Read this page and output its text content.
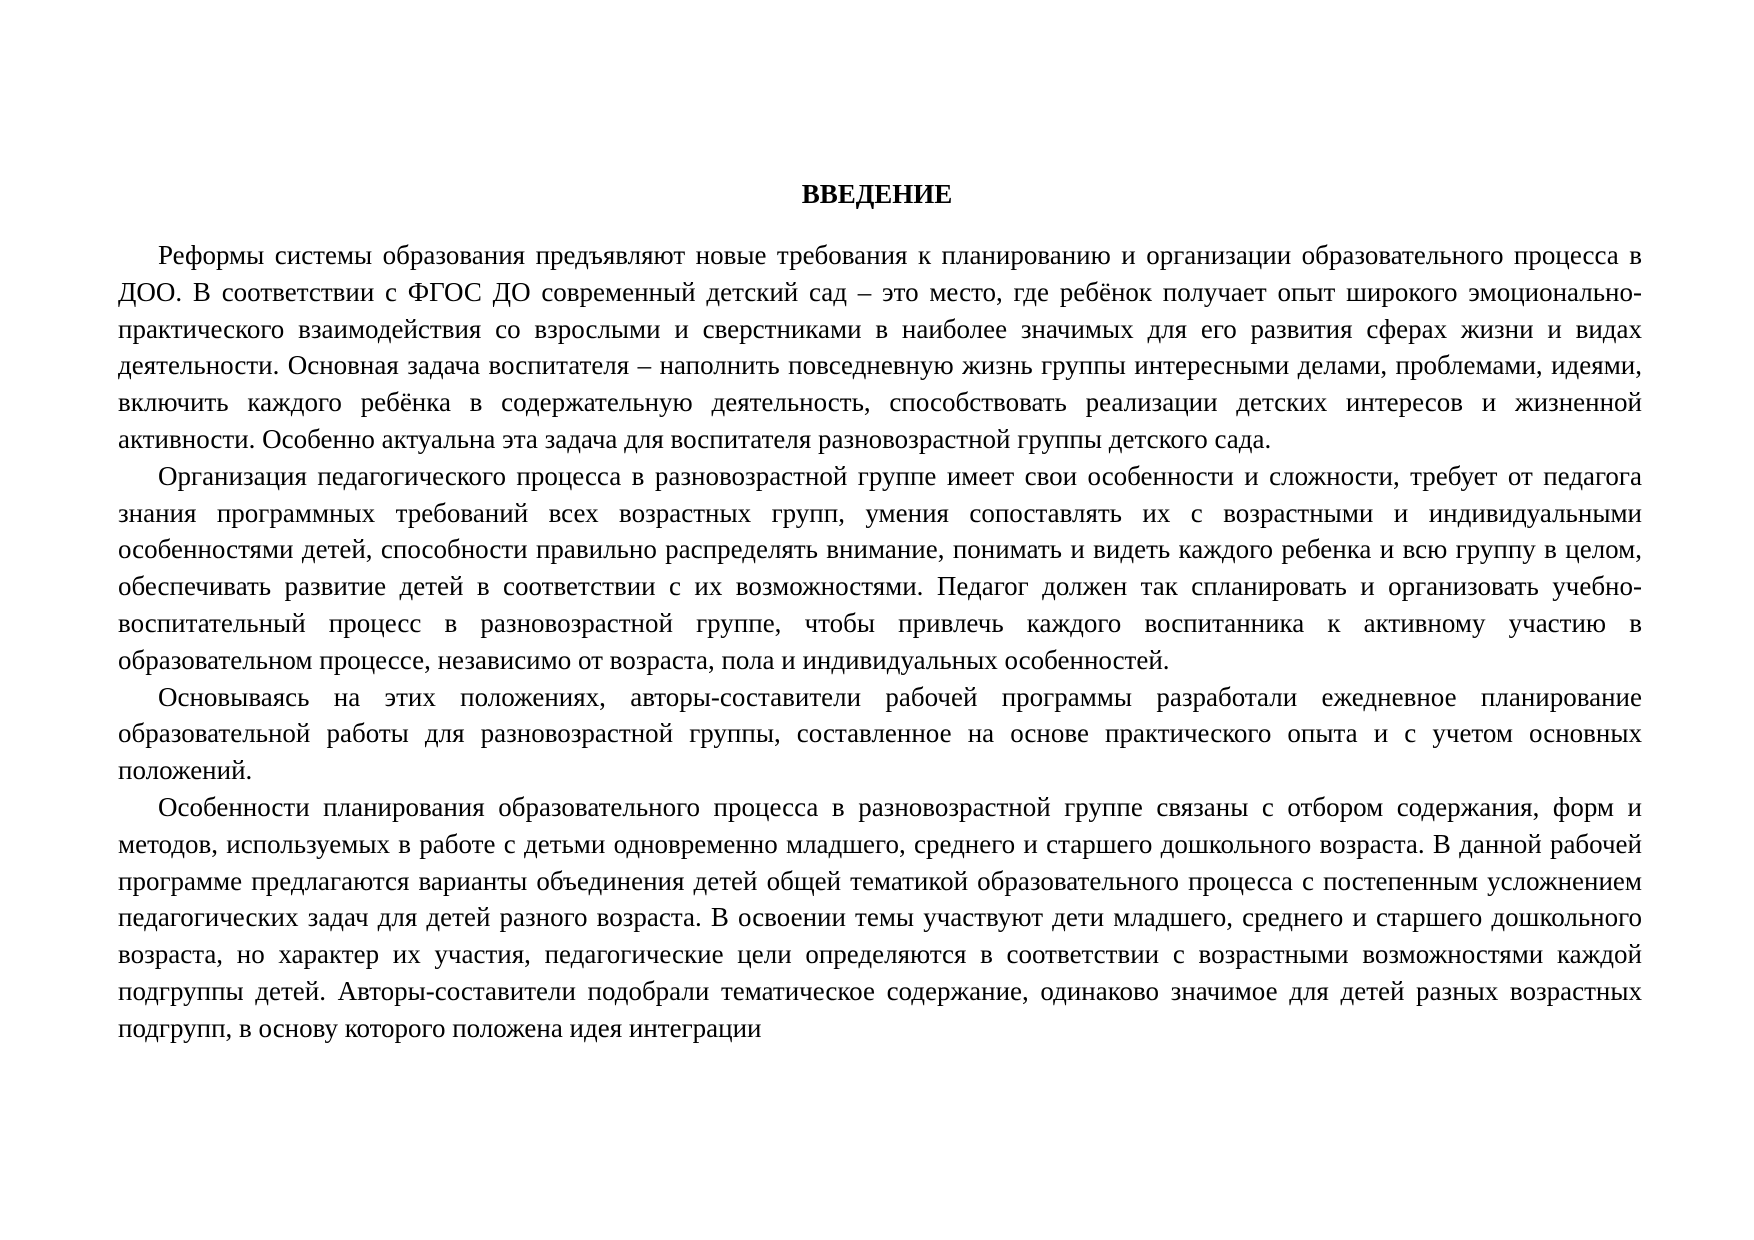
ВВЕДЕНИЕ

Реформы системы образования предъявляют новые требования к планированию и организации образовательного процесса в ДОО. В соответствии с ФГОС ДО современный детский сад – это место, где ребёнок получает опыт широкого эмоционально-практического взаимодействия со взрослыми и сверстниками в наиболее значимых для его развития сферах жизни и видах деятельности. Основная задача воспитателя – наполнить повседневную жизнь группы интересными делами, проблемами, идеями, включить каждого ребёнка в содержательную деятельность, способствовать реализации детских интересов и жизненной активности. Особенно актуальна эта задача для воспитателя разновозрастной группы детского сада.

Организация педагогического процесса в разновозрастной группе имеет свои особенности и сложности, требует от педагога знания программных требований всех возрастных групп, умения сопоставлять их с возрастными и индивидуальными особенностями детей, способности правильно распределять внимание, понимать и видеть каждого ребенка и всю группу в целом, обеспечивать развитие детей в соответствии с их возможностями. Педагог должен так спланировать и организовать учебно-воспитательный процесс в разновозрастной группе, чтобы привлечь каждого воспитанника к активному участию в образовательном процессе, независимо от возраста, пола и индивидуальных особенностей.

Основываясь на этих положениях, авторы-составители рабочей программы разработали ежедневное планирование образовательной работы для разновозрастной группы, составленное на основе практического опыта и с учетом основных положений.

Особенности планирования образовательного процесса в разновозрастной группе связаны с отбором содержания, форм и методов, используемых в работе с детьми одновременно младшего, среднего и старшего дошкольного возраста. В данной рабочей программе предлагаются варианты объединения детей общей тематикой образовательного процесса с постепенным усложнением педагогических задач для детей разного возраста. В освоении темы участвуют дети младшего, среднего и старшего дошкольного возраста, но характер их участия, педагогические цели определяются в соответствии с возрастными возможностями каждой подгруппы детей. Авторы-составители подобрали тематическое содержание, одинаково значимое для детей разных возрастных подгрупп, в основу которого положена идея интеграции
